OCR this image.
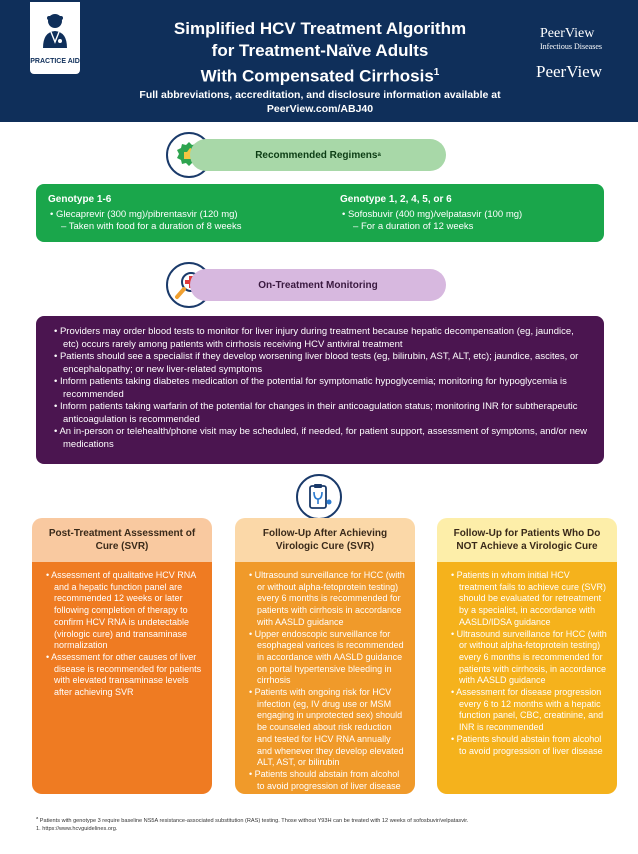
PRACTICE AID
Simplified HCV Treatment Algorithm
for Treatment-Naïve Adults
With Compensated Cirrhosis$^1$
PeerView
Infectious Diseases
PeerView
Full abbreviations, accreditation, and disclosure information available at
PeerView.com/ABJ40
Recommended Regimens a
Genotype 1-6
• Glecaprevir (300 mg)/pibrentasvir (120 mg)
– Taken with food for a duration of 8 weeks
Genotype 1, 2, 4, 5, or 6
• Sofosbuvir (400 mg)/velpatasvir (100 mg)
– For a duration of 12 weeks
On-Treatment Monitoring
• Providers may order blood tests to monitor for liver injury during treatment because hepatic decompensation (eg, jaundice, etc) occurs rarely among patients with cirrhosis receiving HCV antiviral treatment
• Patients should see a specialist if they develop worsening liver blood tests (eg, bilirubin, AST, ALT, etc); jaundice, ascites, or encephalopathy; or new liver-related symptoms
• Inform patients taking diabetes medication of the potential for symptomatic hypoglycemia; monitoring for hypoglycemia is recommended
• Inform patients taking warfarin of the potential for changes in their anticoagulation status; monitoring INR for subtherapeutic anticoagulation is recommended
• An in-person or telehealth/phone visit may be scheduled, if needed, for patient support, assessment of symptoms, and/or new medications
Post-Treatment Assessment of Cure (SVR)
• Assessment of qualitative HCV RNA and a hepatic function panel are recommended 12 weeks or later following completion of therapy to confirm HCV RNA is undetectable (virologic cure) and transaminase normalization
• Assessment for other causes of liver disease is recommended for patients with elevated transaminase levels after achieving SVR
Follow-Up After Achieving Virologic Cure (SVR)
• Ultrasound surveillance for HCC (with or without alpha-fetoprotein testing) every 6 months is recommended for patients with cirrhosis in accordance with AASLD guidance
• Upper endoscopic surveillance for esophageal varices is recommended in accordance with AASLD guidance on portal hypertensive bleeding in cirrhosis
• Patients with ongoing risk for HCV infection (eg, IV drug use or MSM engaging in unprotected sex) should be counseled about risk reduction and tested for HCV RNA annually and whenever they develop elevated ALT, AST, or bilirubin
• Patients should abstain from alcohol to avoid progression of liver disease
Follow-Up for Patients Who Do NOT Achieve a Virologic Cure
• Patients in whom initial HCV treatment fails to achieve cure (SVR) should be evaluated for retreatment by a specialist, in accordance with AASLD/IDSA guidance
• Ultrasound surveillance for HCC (with or without alpha-fetoprotein testing) every 6 months is recommended for patients with cirrhosis, in accordance with AASLD guidance
• Assessment for disease progression every 6 to 12 months with a hepatic function panel, CBC, creatinine, and INR is recommended
• Patients should abstain from alcohol to avoid progression of liver disease
$^a$ Patients with genotype 3 require baseline NS5A resistance-associated substitution (RAS) testing. Those without Y93H can be treated with 12 weeks of sofosbuvir/velpatasvir.
1. https://www.hcvguidelines.org.
